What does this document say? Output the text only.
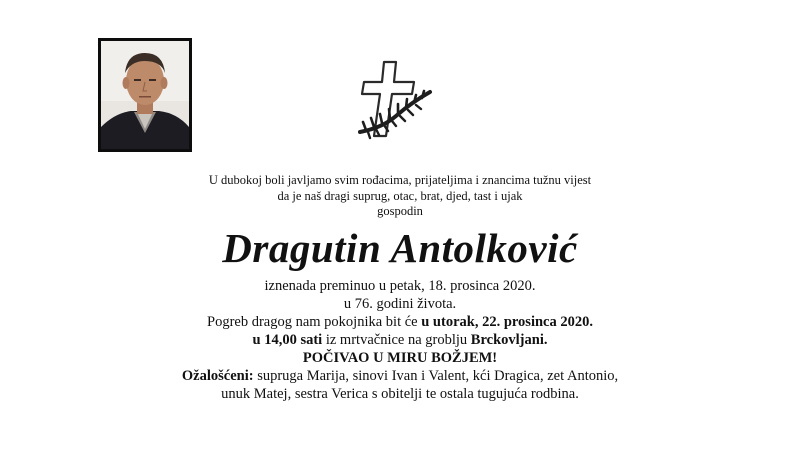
U dubokoj boli javljamo svim rođacima, prijateljima i znancima tužnu vijest
da je naš dragi suprug, otac, brat, djed, tast i ujak
gospodin
Dragutin Antolković
iznenada preminuo u petak, 18. prosinca 2020.
u 76. godini života.
Pogreb dragog nam pokojnika bit će u utorak, 22. prosinca 2020.
u 14,00 sati iz mrtvačnice na groblju Brckovljani.
POČIVAO U MIRU BOŽJEM!
Ožalošćeni: supruga Marija, sinovi Ivan i Valent, kći Dragica, zet Antonio,
unuk Matej, sestra Verica s obitelji te ostala tugujuća rodbina.
